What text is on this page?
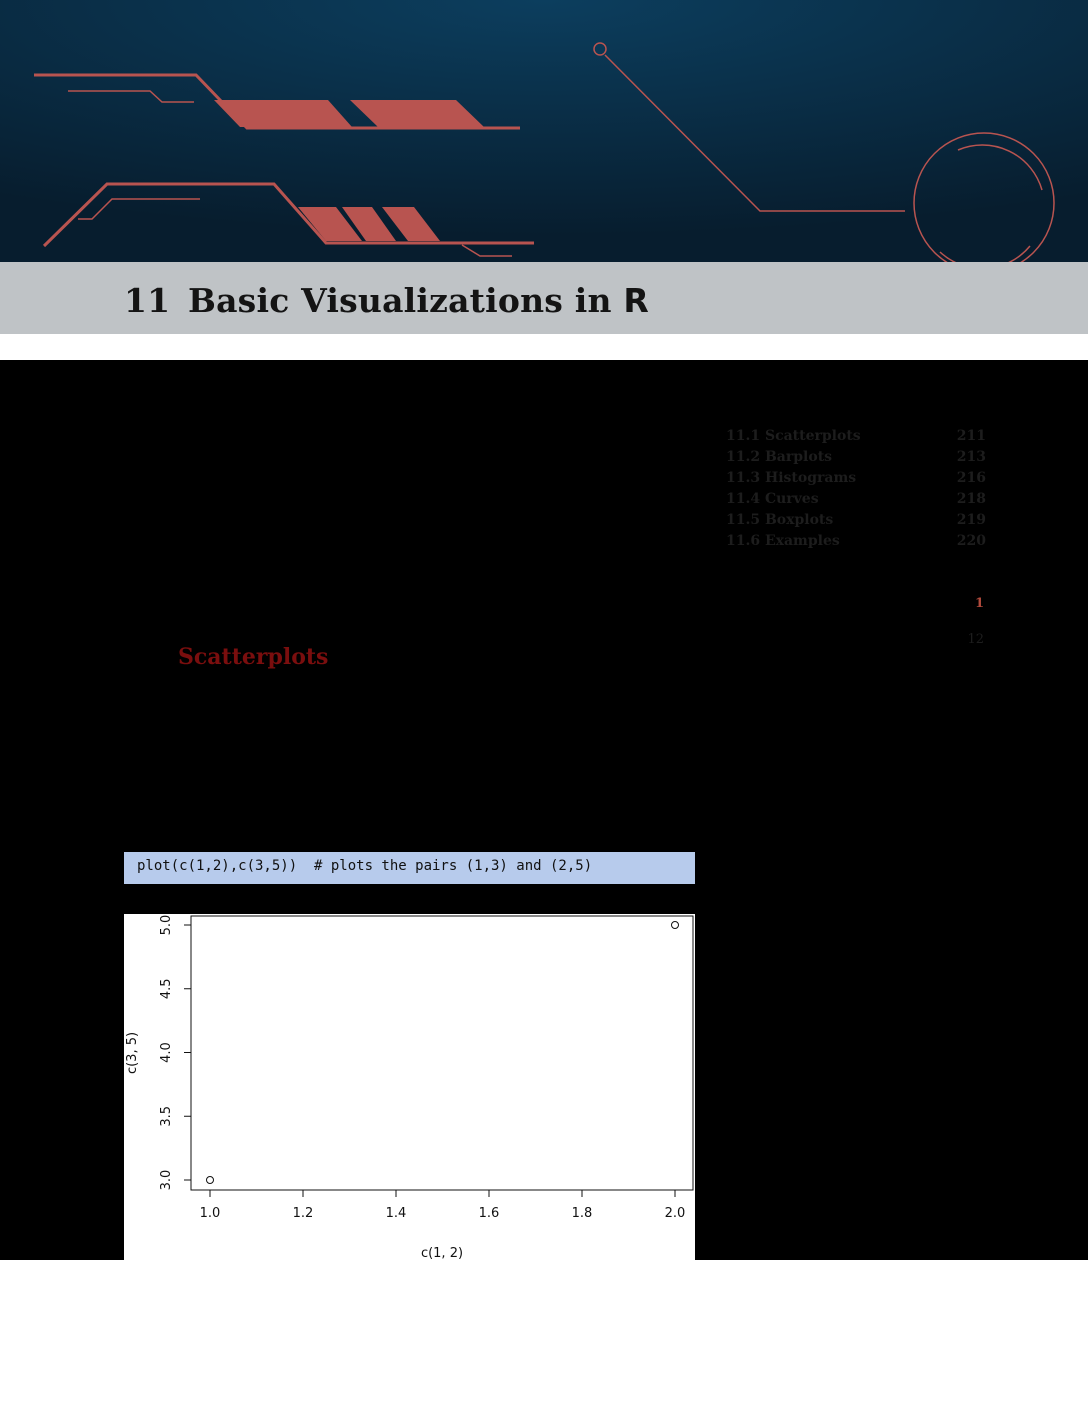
11 Basic Visualizations in R
11.1 Scatterplots	211
11.2 Barplots	213
11.3 Histograms	216
11.4 Curves	218
11.5 Boxplots	219
11.6 Examples	220
1
12
Scatterplots
plot(c(1,2),c(3,5))  # plots the pairs (1,3) and (2,5)
1.0	1.2	1.4	1.6	1.8	2.0
3.0
3.5
4.0
4.5
5.0
c(1, 2)
c(3, 5)
